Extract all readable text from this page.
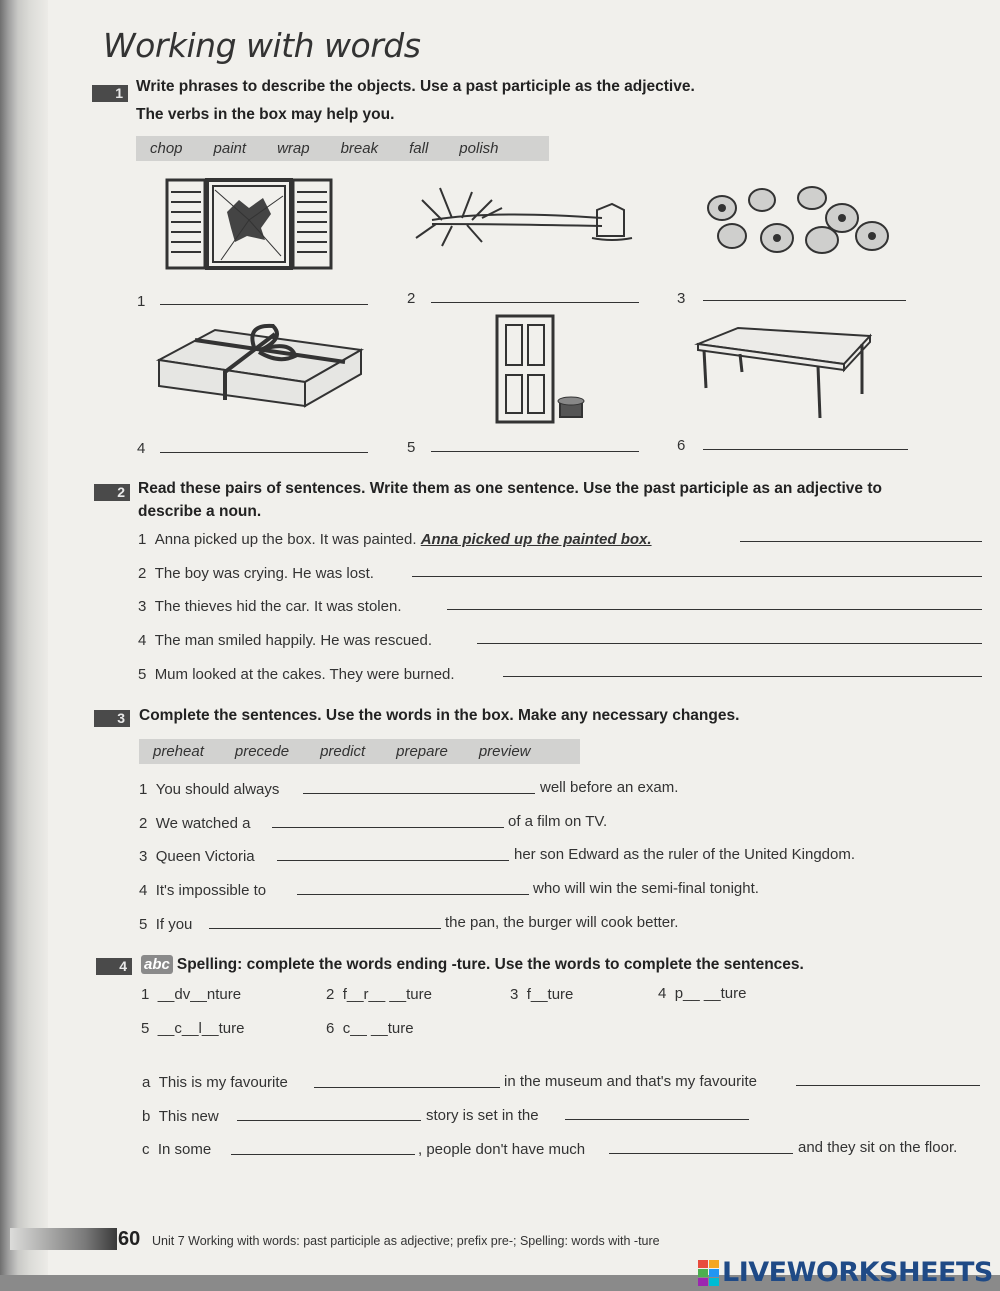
Working with words
1 Write phrases to describe the objects. Use a past participle as the adjective.
The verbs in the box may help you.
chop paint wrap break fall polish
1	2	3
4	5	6
2 Read these pairs of sentences. Write them as one sentence. Use the past participle as an adjective to
describe a noun.
1 Anna picked up the box. It was painted. Anna picked up the painted box.
2 The boy was crying. He was lost.
3 The thieves hid the car. It was stolen.
4 The man smiled happily. He was rescued.
5 Mum looked at the cakes. They were burned.
3 Complete the sentences. Use the words in the box. Make any necessary changes.
preheat precede predict prepare preview
1 You should always	well before an exam.
2 We watched a	of a film on TV.
3 Queen Victoria	her son Edward as the ruler of the United Kingdom.
4 It's impossible to	who will win the semi-final tonight.
5 If you	the pan, the burger will cook better.
4	abc Spelling: complete the words ending -ture. Use the words to complete the sentences.
1 __dv__nture	2 f__r__ __ture	3 f__ture	4 p__ __ture
5 __c__l__ture	6 c__ __ture
a This is my favourite	in the museum and that's my favourite
b This new	story is set in the
c In some	, people don't have much	and they sit on the floor.
60 Unit 7 Working with words: past participle as adjective; prefix pre-; Spelling: words with -ture
LIVEWORKSHEETS
